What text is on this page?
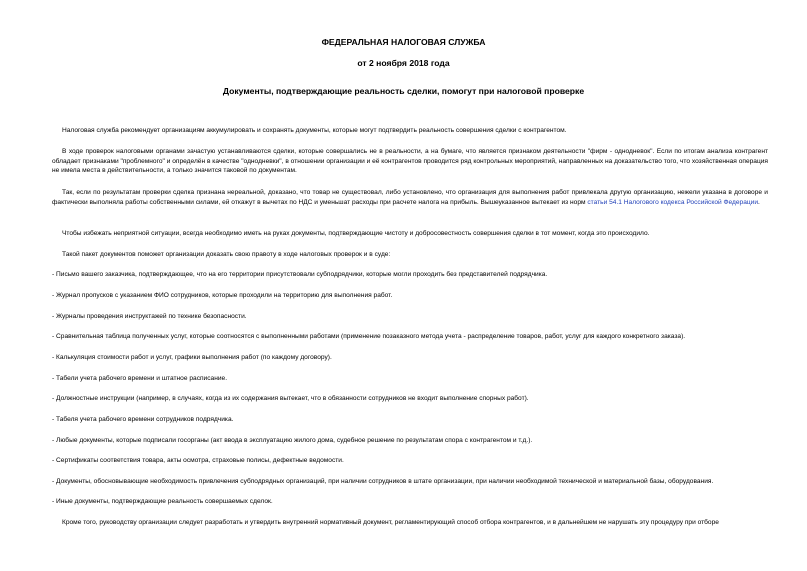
ФЕДЕРАЛЬНАЯ НАЛОГОВАЯ СЛУЖБА
от 2 ноября 2018 года
Документы, подтверждающие реальность сделки, помогут при налоговой проверке
Налоговая служба рекомендует организациям аккумулировать и сохранять документы, которые могут подтвердить реальность совершения сделки с контрагентом.
В ходе проверок налоговыми органами зачастую устанавливаются сделки, которые совершались не в реальности, а на бумаге, что является признаком деятельности "фирм - однодневок". Если по итогам анализа контрагент обладает признаками "проблемного" и определён в качестве "однодневки", в отношении организации и её контрагентов проводится ряд контрольных мероприятий, направленных на доказательство того, что хозяйственная операция не имела места в действительности, а только значится таковой по документам.
Так, если по результатам проверки сделка признана нереальной, доказано, что товар не существовал, либо установлено, что организация для выполнения работ привлекала другую организацию, нежели указана в договоре и фактически выполняла работы собственными силами, ей откажут в вычетах по НДС и уменьшат расходы при расчете налога на прибыль. Вышеуказанное вытекает из норм статьи 54.1 Налогового кодекса Российской Федерации.
Чтобы избежать неприятной ситуации, всегда необходимо иметь на руках документы, подтверждающие чистоту и добросовестность совершения сделки в тот момент, когда это происходило.
Такой пакет документов поможет организации доказать свою правоту в ходе налоговых проверок и в суде:
- Письмо вашего заказчика, подтверждающее, что на его территории присутствовали субподрядчики, которые могли проходить без представителей подрядчика.
- Журнал пропусков с указанием ФИО сотрудников, которые проходили на территорию для выполнения работ.
- Журналы проведения инструктажей по технике безопасности.
- Сравнительная таблица полученных услуг, которые соотносятся с выполненными работами (применение позаказного метода учета - распределение товаров, работ, услуг для каждого конкретного заказа).
- Калькуляция стоимости работ и услуг, графики выполнения работ (по каждому договору).
- Табели учета рабочего времени и штатное расписание.
- Должностные инструкции (например, в случаях, когда из их содержания вытекает, что в обязанности сотрудников не входит выполнение спорных работ).
- Табеля учета рабочего времени сотрудников подрядчика.
- Любые документы, которые подписали госорганы (акт ввода в эксплуатацию жилого дома, судебное решение по результатам спора с контрагентом и т.д.).
- Сертификаты соответствия товара, акты осмотра, страховые полисы, дефектные ведомости.
- Документы, обосновывающие необходимость привлечения субподрядных организаций, при наличии сотрудников в штате организации, при наличии необходимой технической и материальной базы, оборудования.
- Иные документы, подтверждающие реальность совершаемых сделок.
Кроме того, руководству организации следует разработать и утвердить внутренний нормативный документ, регламентирующий способ отбора контрагентов, и в дальнейшем не нарушать эту процедуру при отборе
